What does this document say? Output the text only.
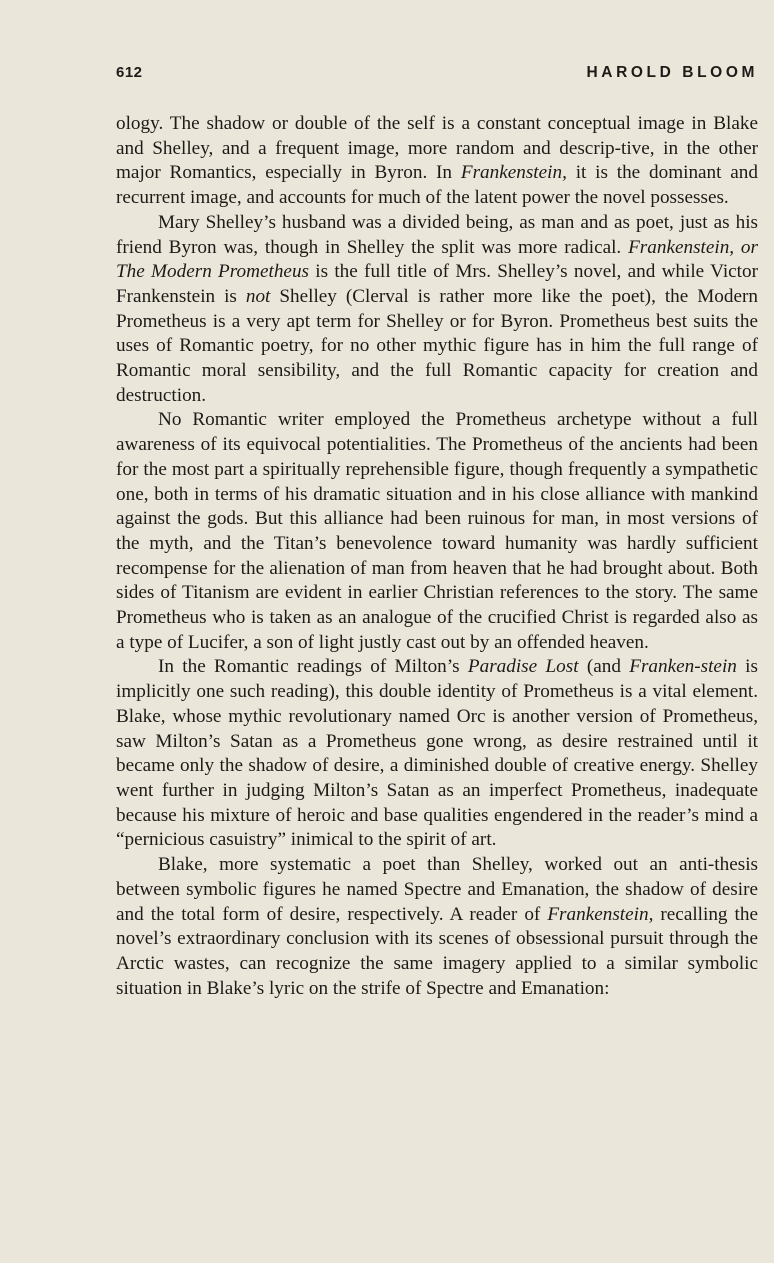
612	HAROLD BLOOM

ology. The shadow or double of the self is a constant conceptual image in Blake and Shelley, and a frequent image, more random and descrip-tive, in the other major Romantics, especially in Byron. In Frankenstein, it is the dominant and recurrent image, and accounts for much of the latent power the novel possesses.

Mary Shelley’s husband was a divided being, as man and as poet, just as his friend Byron was, though in Shelley the split was more radical. Frankenstein, or The Modern Prometheus is the full title of Mrs. Shelley’s novel, and while Victor Frankenstein is not Shelley (Clerval is rather more like the poet), the Modern Prometheus is a very apt term for Shelley or for Byron. Prometheus best suits the uses of Romantic poetry, for no other mythic figure has in him the full range of Romantic moral sensibility, and the full Romantic capacity for creation and destruction.

No Romantic writer employed the Prometheus archetype without a full awareness of its equivocal potentialities. The Prometheus of the ancients had been for the most part a spiritually reprehensible figure, though frequently a sympathetic one, both in terms of his dramatic situation and in his close alliance with mankind against the gods. But this alliance had been ruinous for man, in most versions of the myth, and the Titan’s benevolence toward humanity was hardly sufficient recompense for the alienation of man from heaven that he had brought about. Both sides of Titanism are evident in earlier Christian references to the story. The same Prometheus who is taken as an analogue of the crucified Christ is regarded also as a type of Lucifer, a son of light justly cast out by an offended heaven.

In the Romantic readings of Milton’s Paradise Lost (and Franken-stein is implicitly one such reading), this double identity of Prometheus is a vital element. Blake, whose mythic revolutionary named Orc is another version of Prometheus, saw Milton’s Satan as a Prometheus gone wrong, as desire restrained until it became only the shadow of desire, a diminished double of creative energy. Shelley went further in judging Milton’s Satan as an imperfect Prometheus, inadequate because his mixture of heroic and base qualities engendered in the reader’s mind a “pernicious casuistry” inimical to the spirit of art.

Blake, more systematic a poet than Shelley, worked out an anti-thesis between symbolic figures he named Spectre and Emanation, the shadow of desire and the total form of desire, respectively. A reader of Frankenstein, recalling the novel’s extraordinary conclusion with its scenes of obsessional pursuit through the Arctic wastes, can recognize the same imagery applied to a similar symbolic situation in Blake’s lyric on the strife of Spectre and Emanation:
